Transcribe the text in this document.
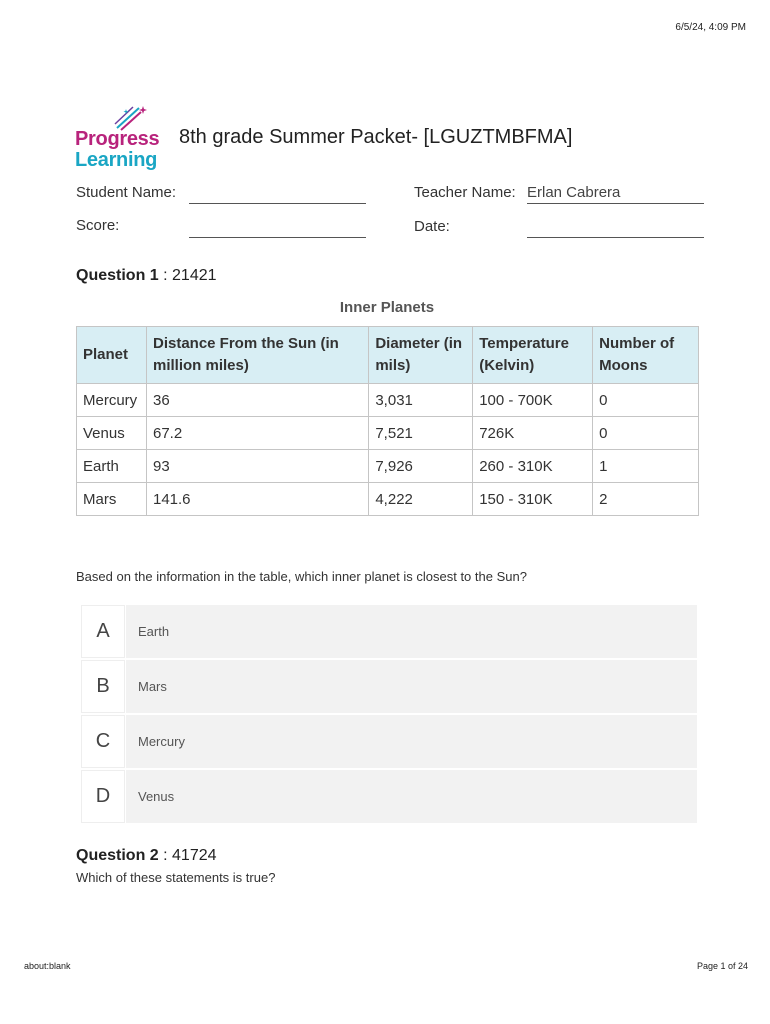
6/5/24, 4:09 PM
Progress
Learning
8th grade Summer Packet- [LGUZTMBFMA]
Student Name:	Teacher Name: Erlan Cabrera
Score:	Date:
Question 1 : 21421
Inner Planets
Planet	Distance From the Sun (in million miles)	Diameter (in mils)	Temperature (Kelvin)	Number of Moons
Mercury	36	3,031	100 - 700K	0
Venus	67.2	7,521	726K	0
Earth	93	7,926	260 - 310K	1
Mars	141.6	4,222	150 - 310K	2
Based on the information in the table, which inner planet is closest to the Sun?
A	Earth
B	Mars
C	Mercury
D	Venus
Question 2 : 41724
Which of these statements is true?
about:blank	Page 1 of 24
